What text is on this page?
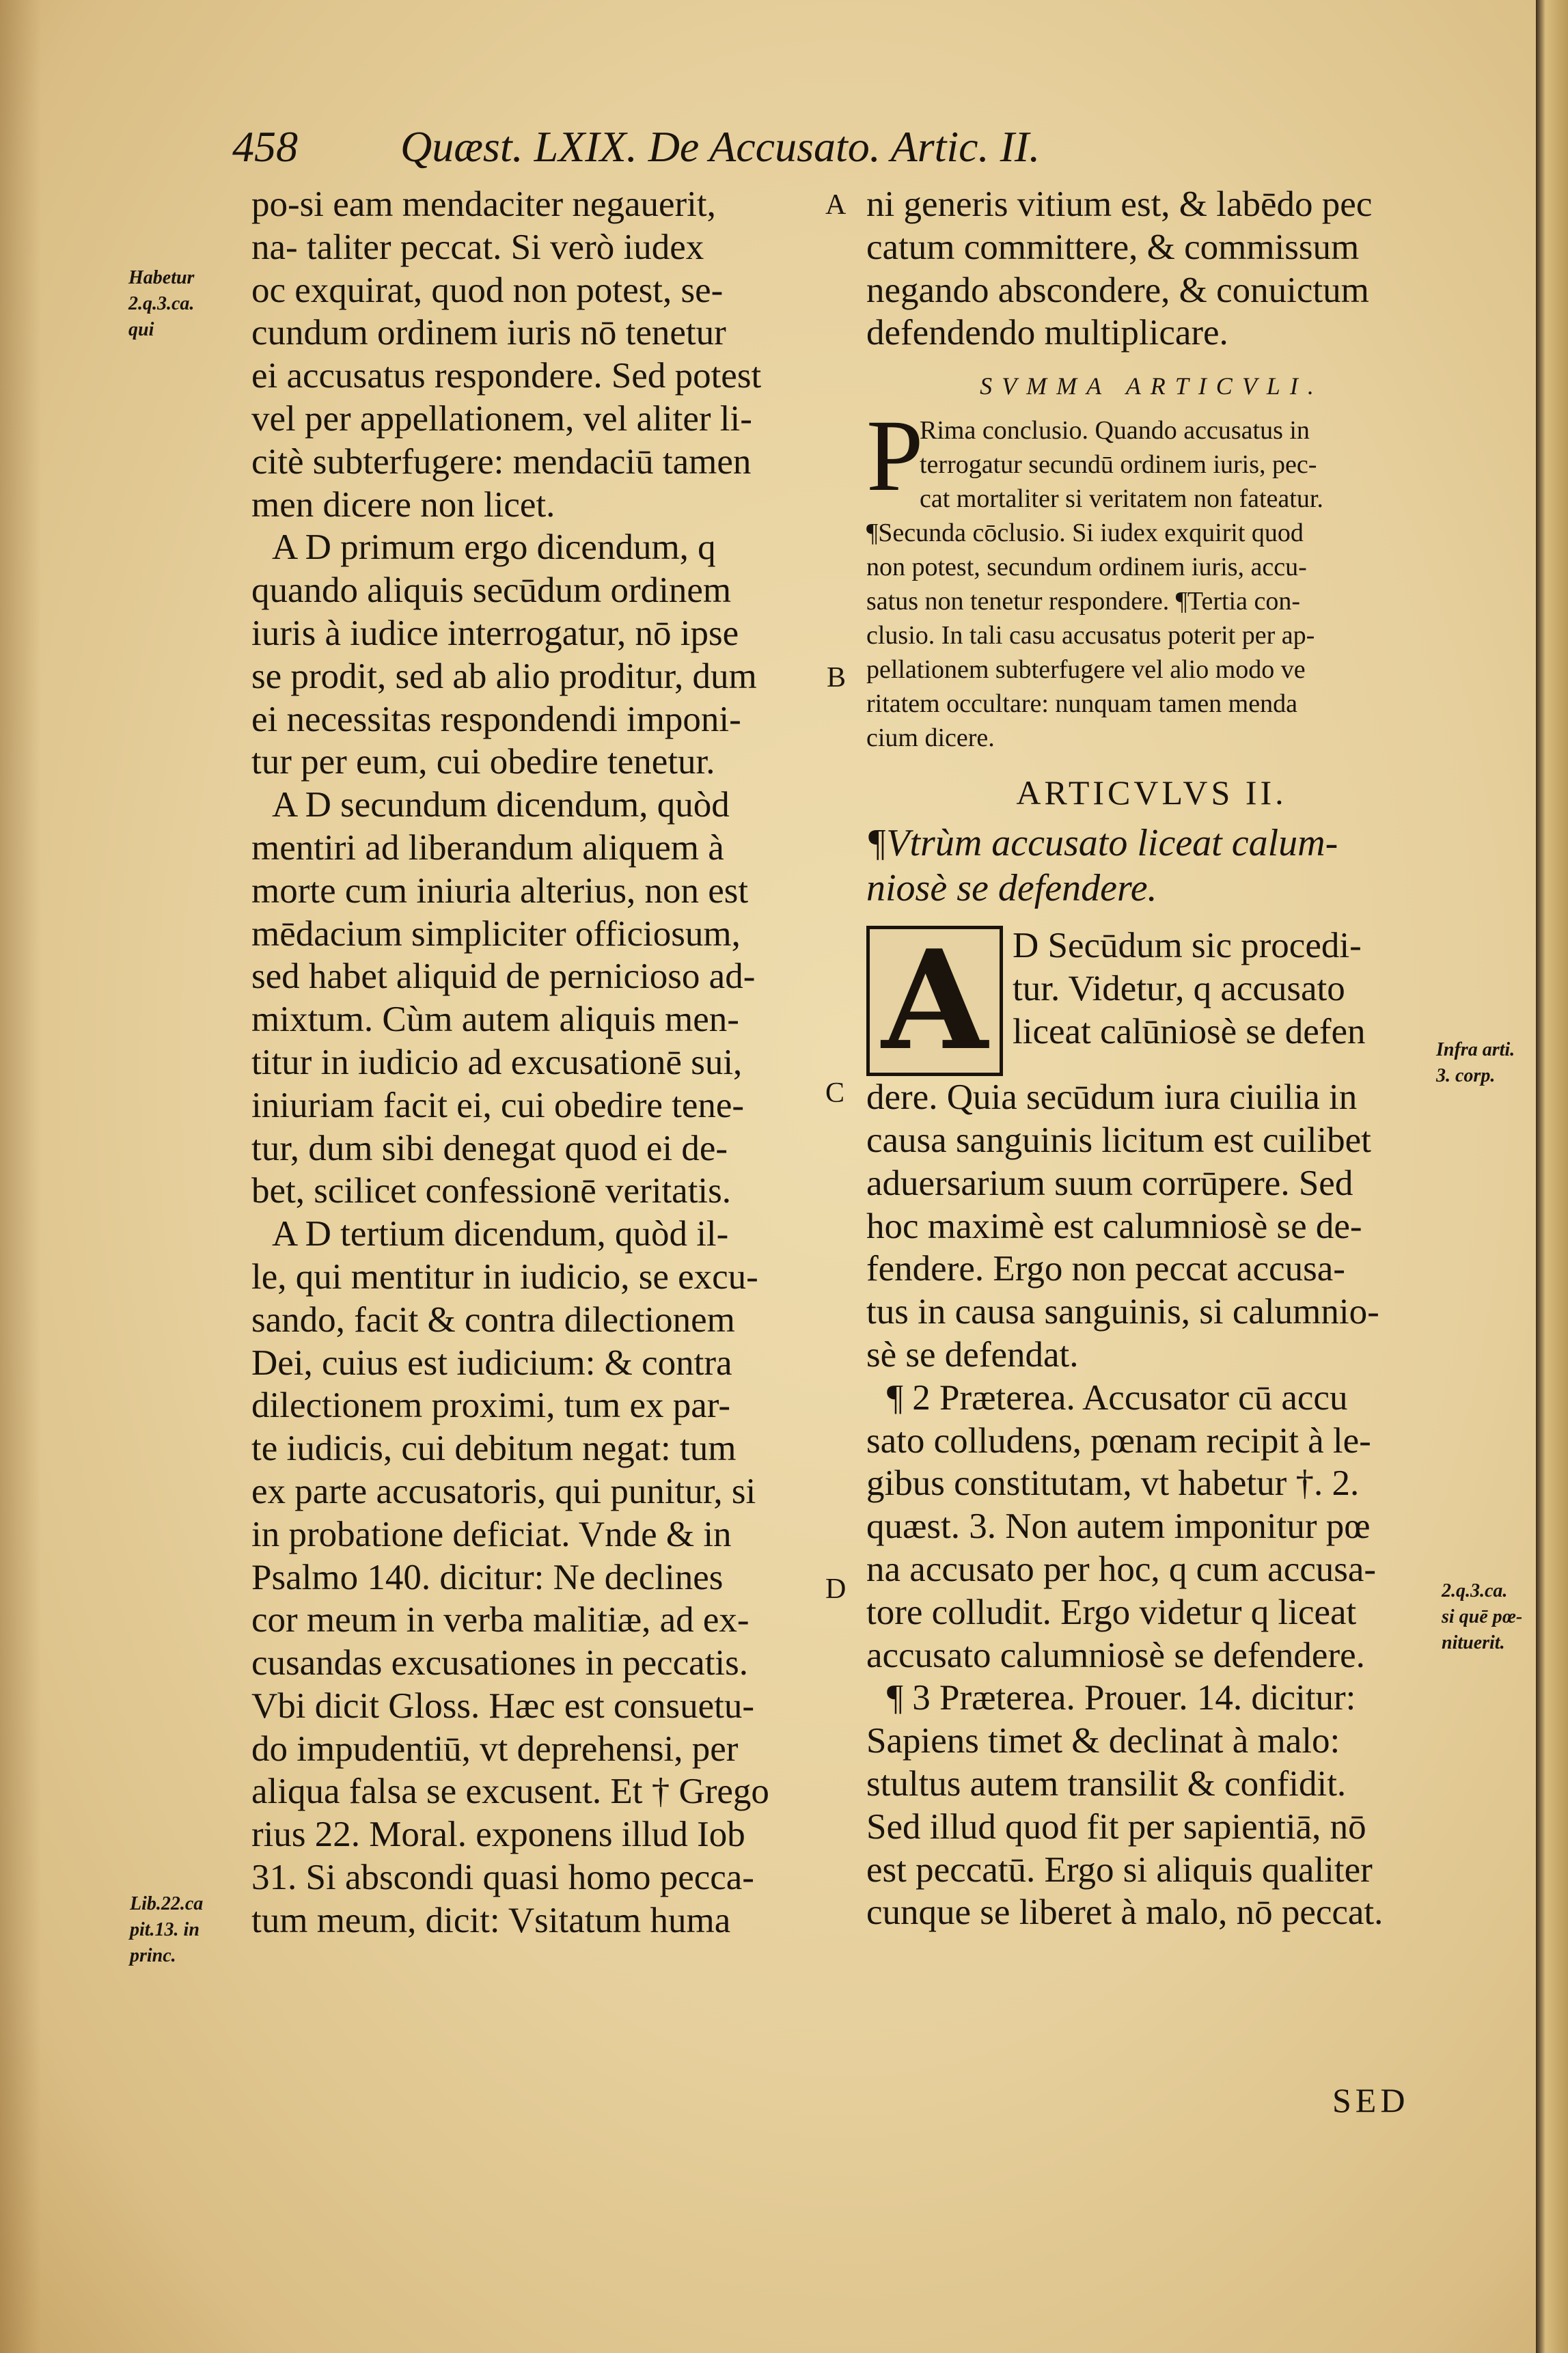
458 Quæst. LXIX. De Accusato. Artic. II.
po-si eam mendaciter negauerit,
na- taliter peccat. Si verò iudex
oc exquirat, quod non potest, se-
cundum ordinem iuris nō tenetur
ei accusatus respondere. Sed potest
vel per appellationem, vel aliter li-
citè subterfugere: mendaciū tamen
men dicere non licet.
A D primum ergo dicendum, q
quando aliquis secūdum ordinem
iuris à iudice interrogatur, nō ipse
se prodit, sed ab alio proditur, dum
ei necessitas respondendi imponi-
tur per eum, cui obedire tenetur.
A D secundum dicendum, quòd
mentiri ad liberandum aliquem à
morte cum iniuria alterius, non est
mēdacium simpliciter officiosum,
sed habet aliquid de pernicioso ad-
mixtum. Cùm autem aliquis men-
titur in iudicio ad excusationē sui,
iniuriam facit ei, cui obedire tene-
tur, dum sibi denegat quod ei de-
bet, scilicet confessionē veritatis.
A D tertium dicendum, quòd il-
le, qui mentitur in iudicio, se excu-
sando, facit & contra dilectionem
Dei, cuius est iudicium: & contra
dilectionem proximi, tum ex par-
te iudicis, cui debitum negat: tum
ex parte accusatoris, qui punitur, si
in probatione deficiat. Vnde & in
Psalmo 140. dicitur: Ne declines
cor meum in verba malitiæ, ad ex-
cusandas excusationes in peccatis.
Vbi dicit Gloss. Hæc est consuetu-
do impudentiū, vt deprehensi, per
aliqua falsa se excusent. Et † Grego
rius 22. Moral. exponens illud Iob
31. Si abscondi quasi homo pecca-
tum meum, dicit: Vsitatum huma
ni generis vitium est, & labēdo pec
catum committere, & commissum
negando abscondere, & conuictum
defendendo multiplicare.
SVMMA ARTICVLI.
P
Rima conclusio. Quando accusatus in
terrogatur secundū ordinem iuris, pec-
cat mortaliter si veritatem non fateatur.
¶Secunda cōclusio. Si iudex exquirit quod
non potest, secundum ordinem iuris, accu-
satus non tenetur respondere. ¶Tertia con-
clusio. In tali casu accusatus poterit per ap-
pellationem subterfugere vel alio modo ve
ritatem occultare: nunquam tamen menda
cium dicere.
ARTICVLVS II.
¶Vtrùm accusato liceat calum-
niosè se defendere.
A D Secūdum sic procedi-
tur. Videtur, q accusato
liceat calūniosè se defen
dere. Quia secūdum iura ciuilia in
causa sanguinis licitum est cuilibet
aduersarium suum corrūpere. Sed
hoc maximè est calumniosè se de-
fendere. Ergo non peccat accusa-
tus in causa sanguinis, si calumnio-
sè se defendat.
¶ 2 Præterea. Accusator cū accu
sato colludens, pœnam recipit à le-
gibus constitutam, vt habetur †. 2.
quæst. 3. Non autem imponitur pœ
na accusato per hoc, q cum accusa-
tore colludit. Ergo videtur q liceat
accusato calumniosè se defendere.
¶ 3 Præterea. Prouer. 14. dicitur:
Sapiens timet & declinat à malo:
stultus autem transilit & confidit.
Sed illud quod fit per sapientiā, nō
est peccatū. Ergo si aliquis qualiter
cunque se liberet à malo, nō peccat.
A
B
C
D
Habetur
2.q.3.ca.
qui
Lib.22.ca
pit.13. in
princ.
Infra arti.
3. corp.
2.q.3.ca.
si quē pœ-
nituerit.
SED
